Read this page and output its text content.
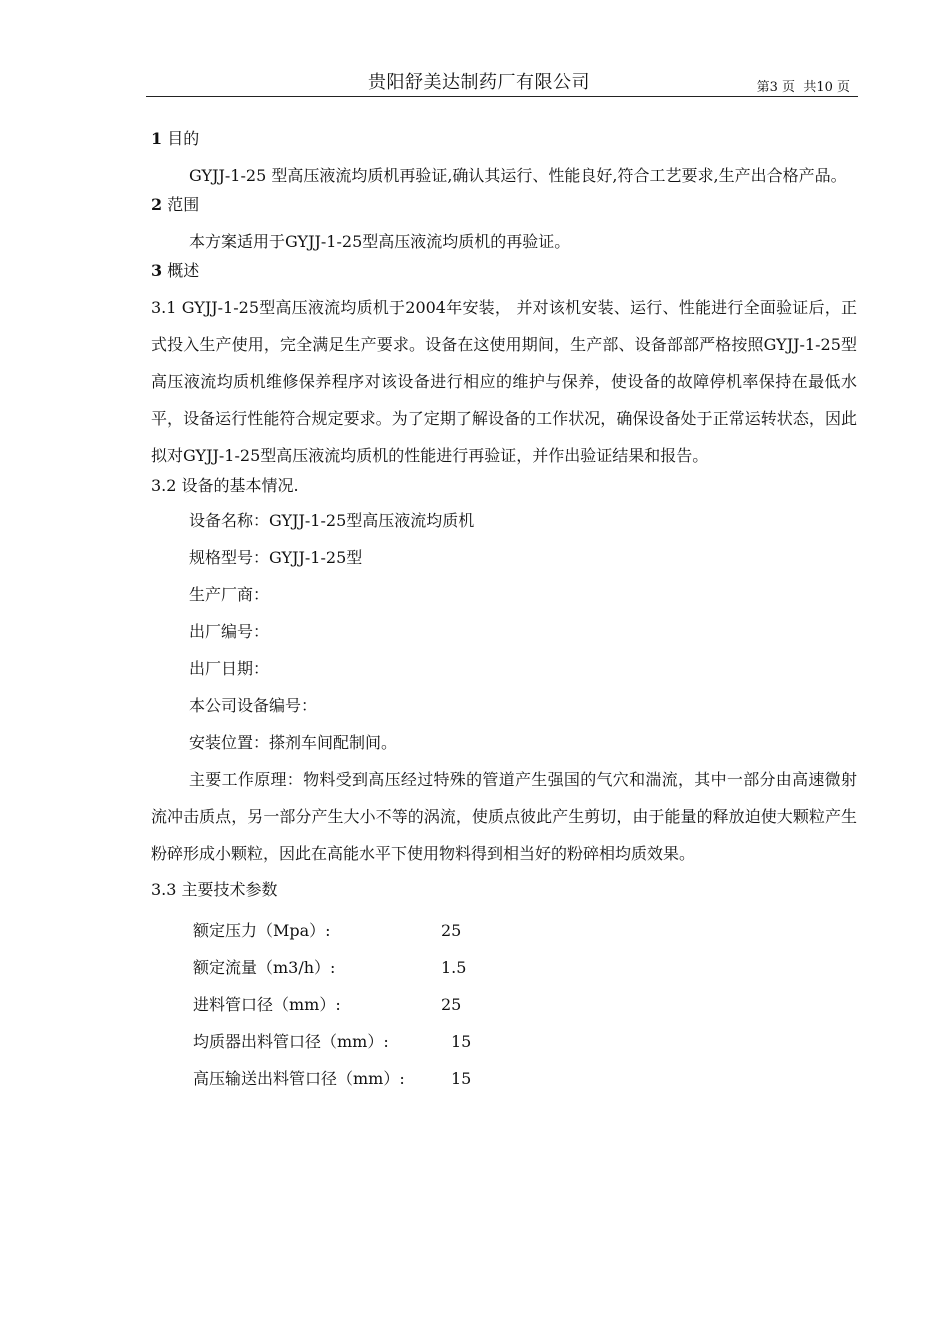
贵阳舒美达制药厂有限公司	第3 页  共10 页
1 目的

GYJJ-1-25 型高压液流均质机再验证,确认其运行、性能良好,符合工艺要求,生产出合格产品。

2 范围

本方案适用于GYJJ-1-25型高压液流均质机的再验证。

3 概述

3.1 GYJJ-1-25型高压液流均质机于2004年安装， 并对该机安装、运行、性能进行全面验证后，正式投入生产使用，完全满足生产要求。设备在这使用期间，生产部、设备部部严格按照GYJJ-1-25型高压液流均质机维修保养程序对该设备进行相应的维护与保养，使设备的故障停机率保持在最低水平，设备运行性能符合规定要求。为了定期了解设备的工作状况，确保设备处于正常运转状态，因此拟对GYJJ-1-25型高压液流均质机的性能进行再验证，并作出验证结果和报告。

3.2 设备的基本情况.

设备名称：GYJJ-1-25型高压液流均质机
规格型号：GYJJ-1-25型
生产厂商：
出厂编号：
出厂日期：
本公司设备编号：
安装位置：搽剂车间配制间。

主要工作原理：物料受到高压经过特殊的管道产生强国的气穴和湍流，其中一部分由高速微射流冲击质点，另一部分产生大小不等的涡流，使质点彼此产生剪切，由于能量的释放迫使大颗粒产生粉碎形成小颗粒，因此在高能水平下使用物料得到相当好的粉碎相均质效果。

3.3 主要技术参数

额定压力（Mpa）:	25
额定流量（m3/h）:	1.5
进料管口径（mm）:	25
均质器出料管口径（mm）:	15
高压输送出料管口径（mm）:	15
